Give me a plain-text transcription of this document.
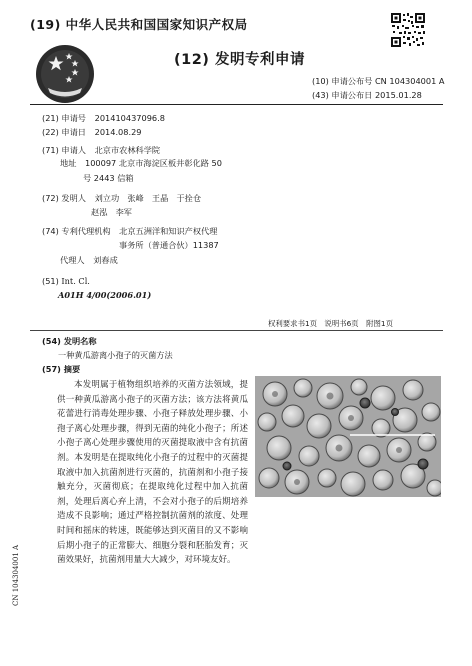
(19) 中华人民共和国国家知识产权局
(12) 发明专利申请
(10) 申请公布号 CN 104304001 A
(43) 申请公布日 2015.01.28
(21) 申请号 201410437096.8
(22) 申请日 2014.08.29
(71) 申请人 北京市农林科学院
地址 100097 北京市海淀区板井彰化路 50
号 2443 信箱
(72) 发明人 刘立功　张峰　王晶　于拴仓
赵泓　李军
(74) 专利代理机构 北京五洲洋和知识产权代理
事务所（普通合伙）11387
代理人 刘春成
(51) Int. Cl.
A01H 4/00(2006.01)
权利要求书1页　说明书6页　附图1页
(54) 发明名称
一种黄瓜游离小孢子的灭菌方法
(57) 摘要

本发明属于植物组织培养的灭菌方法领域，提供一种黄瓜游离小孢子的灭菌方法；该方法将黄瓜花蕾进行消毒处理步骤、小孢子释放处理步骤、小孢子离心处理步骤，得到无菌的纯化小孢子；所述小孢子离心处理步骤使用的灭菌提取液中含有抗菌剂。本发明是在提取纯化小孢子的过程中的灭菌提取液中加入抗菌剂进行灭菌的，抗菌剂和小孢子接触充分，灭菌彻底；在提取纯化过程中加入抗菌剂，处理后离心弃上清，不会对小孢子的后期培养造成不良影响；通过严格控制抗菌剂的浓度、处理时间和摇床的转速，既能够达到灭菌目的又不影响后期小孢子的正常膨大、细胞分裂和胚胎发育；灭菌效果好，抗菌剂用量大大减少，对环境友好。

CN 104304001 A
